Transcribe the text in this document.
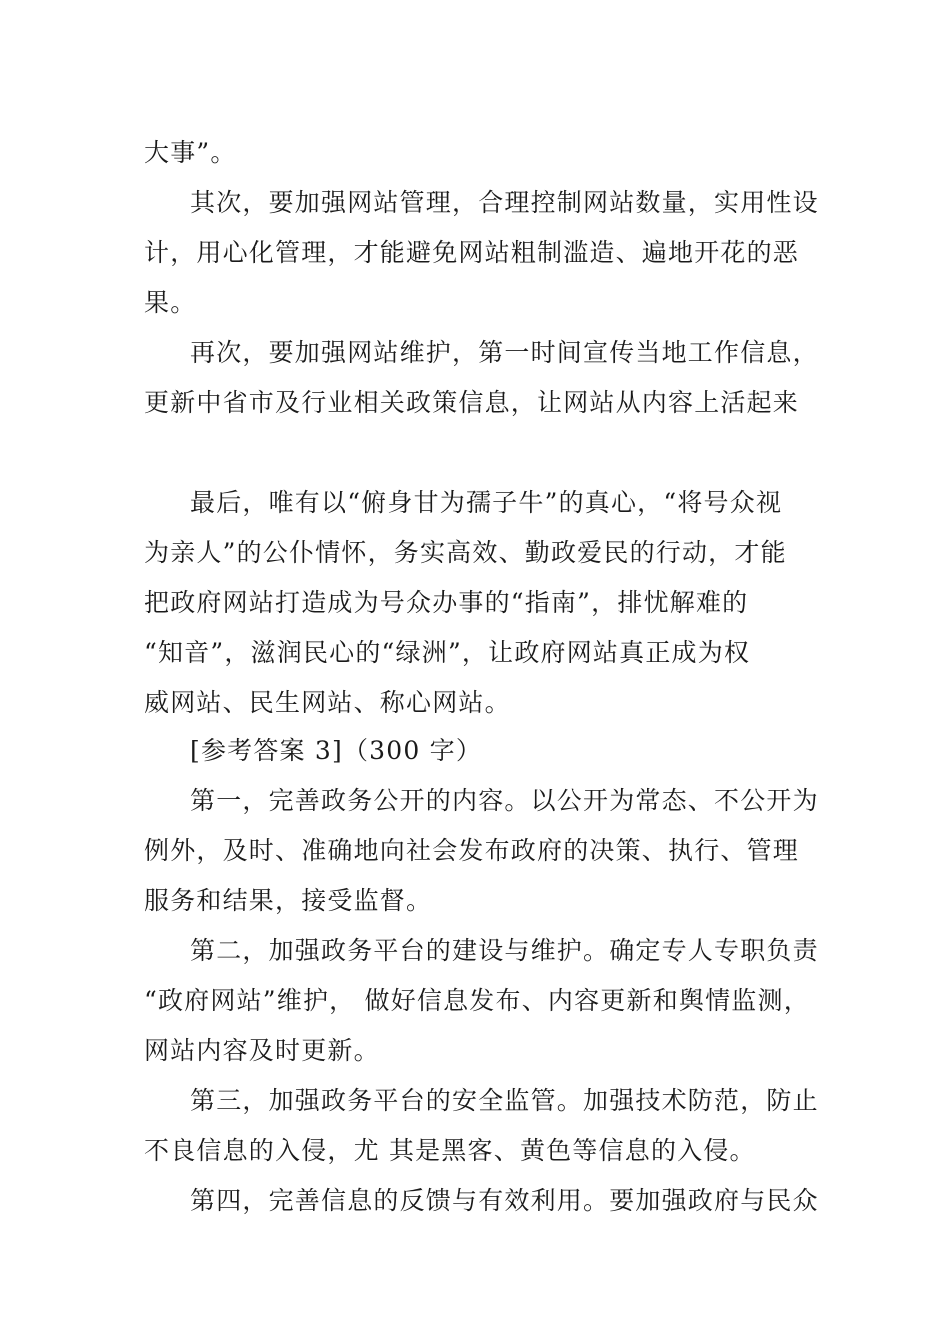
大事”。
其次，要加强网站管理，合理控制网站数量，实用性设
计，用心化管理，才能避免网站粗制滥造、遍地开花的恶
果。
再次，要加强网站维护，第一时间宣传当地工作信息，
更新中省市及行业相关政策信息，让网站从内容上活起来
最后，唯有以“俯身甘为孺子牛”的真心，“将号众视
为亲人”的公仆情怀，务实高效、勤政爱民的行动，才能
把政府网站打造成为号众办事的“指南”，排忧解难的
“知音”，滋润民心的“绿洲”，让政府网站真正成为权
威网站、民生网站、称心网站。
[参考答案 3]（300 字）
第一，完善政务公开的内容。以公开为常态、不公开为
例外，及时、准确地向社会发布政府的决策、执行、管理
服务和结果，接受监督。
第二，加强政务平台的建设与维护。确定专人专职负责
“政府网站”维护， 做好信息发布、内容更新和舆情监测，
网站内容及时更新。
第三，加强政务平台的安全监管。加强技术防范，防止
不良信息的入侵，尤 其是黑客、黄色等信息的入侵。
第四，完善信息的反馈与有效利用。要加强政府与民众
